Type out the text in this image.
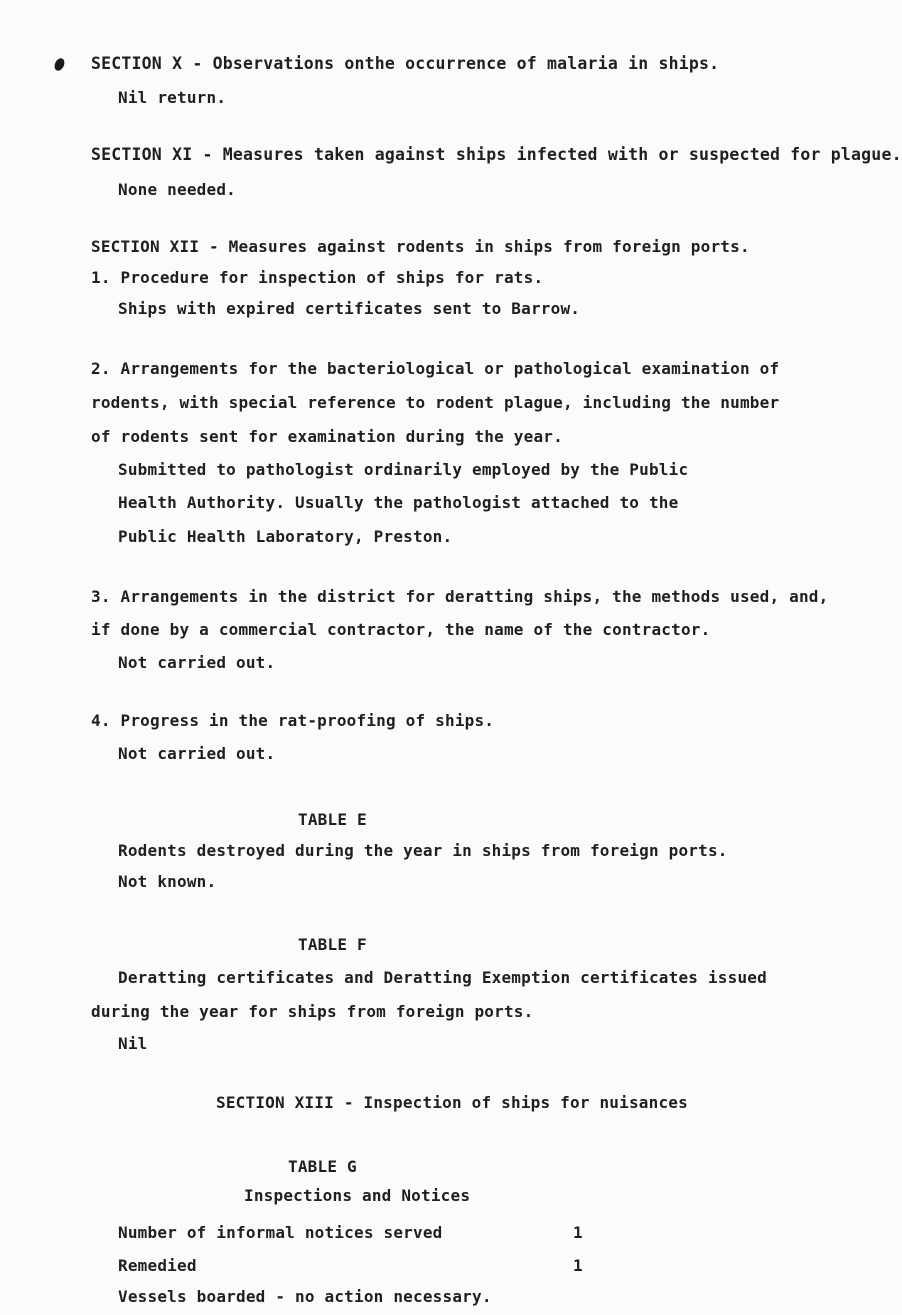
SECTION X - Observations onthe occurrence of malaria in ships.
Nil return.
SECTION XI - Measures taken against ships infected with or suspected for plague.
None needed.
SECTION XII - Measures against rodents in ships from foreign ports.
1. Procedure for inspection of ships for rats.
Ships with expired certificates sent to Barrow.
2. Arrangements for the bacteriological or pathological examination of
rodents, with special reference to rodent plague, including the number
of rodents sent for examination during the year.
Submitted to pathologist ordinarily employed by the Public
Health Authority. Usually the pathologist attached to the
Public Health Laboratory, Preston.
3. Arrangements in the district for deratting ships, the methods used, and,
if done by a commercial contractor, the name of the contractor.
Not carried out.
4. Progress in the rat-proofing of ships.
Not carried out.
TABLE E
Rodents destroyed during the year in ships from foreign ports.
Not known.
TABLE F
Deratting certificates and Deratting Exemption certificates issued
during the year for ships from foreign ports.
Nil
SECTION XIII - Inspection of ships for nuisances
TABLE G
Inspections and Notices
Number of informal notices served	1
Remedied	1
Vessels boarded - no action necessary.
